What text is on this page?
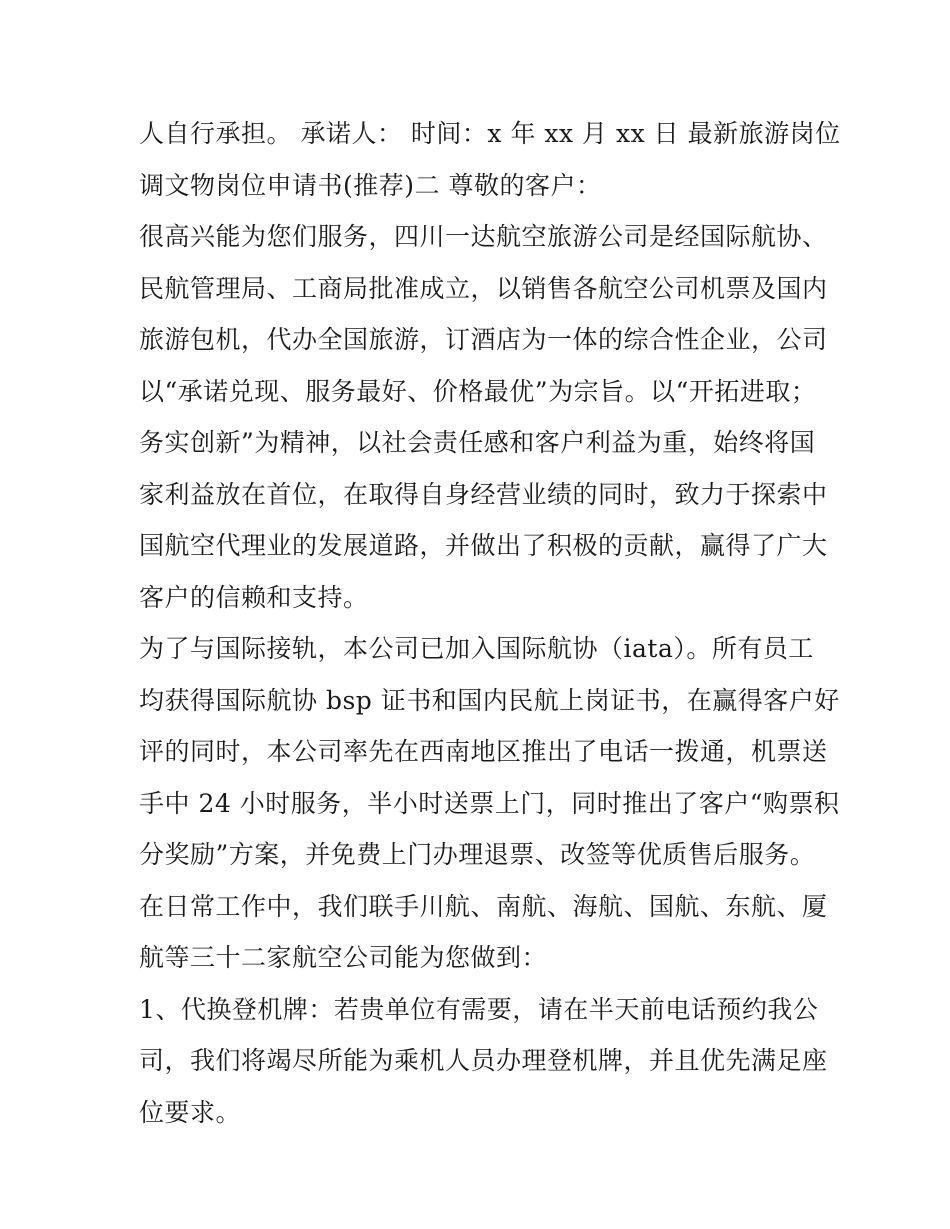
人自行承担。 承诺人： 时间：x 年 xx 月 xx 日 最新旅游岗位
调文物岗位申请书(推荐)二 尊敬的客户：
很高兴能为您们服务，四川一达航空旅游公司是经国际航协、
民航管理局、工商局批准成立，以销售各航空公司机票及国内
旅游包机，代办全国旅游，订酒店为一体的综合性企业，公司
以“承诺兑现、服务最好、价格最优”为宗旨。以“开拓进取；
务实创新”为精神，以社会责任感和客户利益为重，始终将国
家利益放在首位，在取得自身经营业绩的同时，致力于探索中
国航空代理业的发展道路，并做出了积极的贡献，赢得了广大
客户的信赖和支持。
为了与国际接轨，本公司已加入国际航协（iata）。所有员工
均获得国际航协 bsp 证书和国内民航上岗证书，在赢得客户好
评的同时，本公司率先在西南地区推出了电话一拨通，机票送
手中 24 小时服务，半小时送票上门，同时推出了客户“购票积
分奖励”方案，并免费上门办理退票、改签等优质售后服务。
在日常工作中，我们联手川航、南航、海航、国航、东航、厦
航等三十二家航空公司能为您做到：
1、代换登机牌：若贵单位有需要，请在半天前电话预约我公
司，我们将竭尽所能为乘机人员办理登机牌，并且优先满足座
位要求。
